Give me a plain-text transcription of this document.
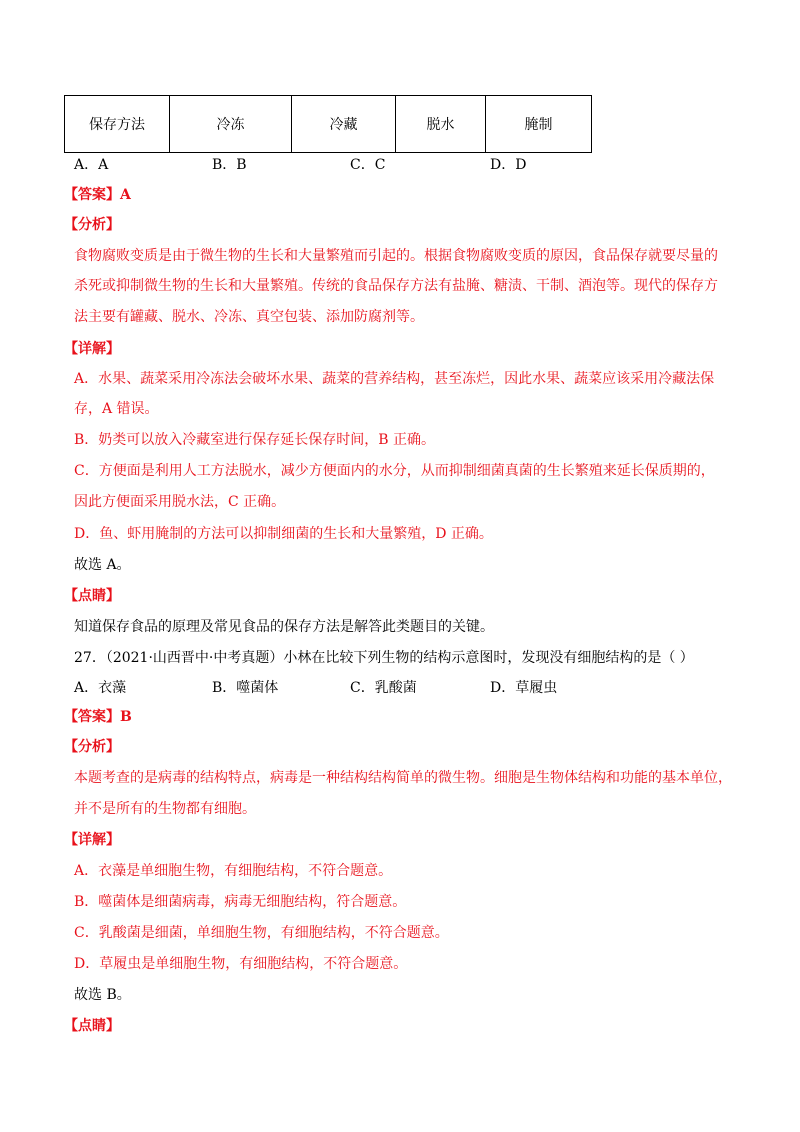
保存方法	冷冻	冷藏	脱水	腌制
A．A	B．B	C．C	D．D
【答案】A
【分析】
食物腐败变质是由于微生物的生长和大量繁殖而引起的。根据食物腐败变质的原因，食品保存就要尽量的
杀死或抑制微生物的生长和大量繁殖。传统的食品保存方法有盐腌、糖渍、干制、酒泡等。现代的保存方
法主要有罐藏、脱水、冷冻、真空包装、添加防腐剂等。
【详解】
A．水果、蔬菜采用冷冻法会破坏水果、蔬菜的营养结构，甚至冻烂，因此水果、蔬菜应该采用冷藏法保
存，A 错误。
B．奶类可以放入冷藏室进行保存延长保存时间，B 正确。
C．方便面是利用人工方法脱水，减少方便面内的水分，从而抑制细菌真菌的生长繁殖来延长保质期的，
因此方便面采用脱水法，C 正确。
D．鱼、虾用腌制的方法可以抑制细菌的生长和大量繁殖，D 正确。
故选 A。
【点睛】
知道保存食品的原理及常见食品的保存方法是解答此类题目的关键。
27．（2021·山西晋中·中考真题）小林在比较下列生物的结构示意图时，发现没有细胞结构的是（ ）
A．衣藻	B．噬菌体	C．乳酸菌	D．草履虫
【答案】B
【分析】
本题考查的是病毒的结构特点，病毒是一种结构结构简单的微生物。细胞是生物体结构和功能的基本单位，
并不是所有的生物都有细胞。
【详解】
A．衣藻是单细胞生物，有细胞结构，不符合题意。
B．噬菌体是细菌病毒，病毒无细胞结构，符合题意。
C．乳酸菌是细菌，单细胞生物，有细胞结构，不符合题意。
D．草履虫是单细胞生物，有细胞结构，不符合题意。
故选 B。
【点睛】
